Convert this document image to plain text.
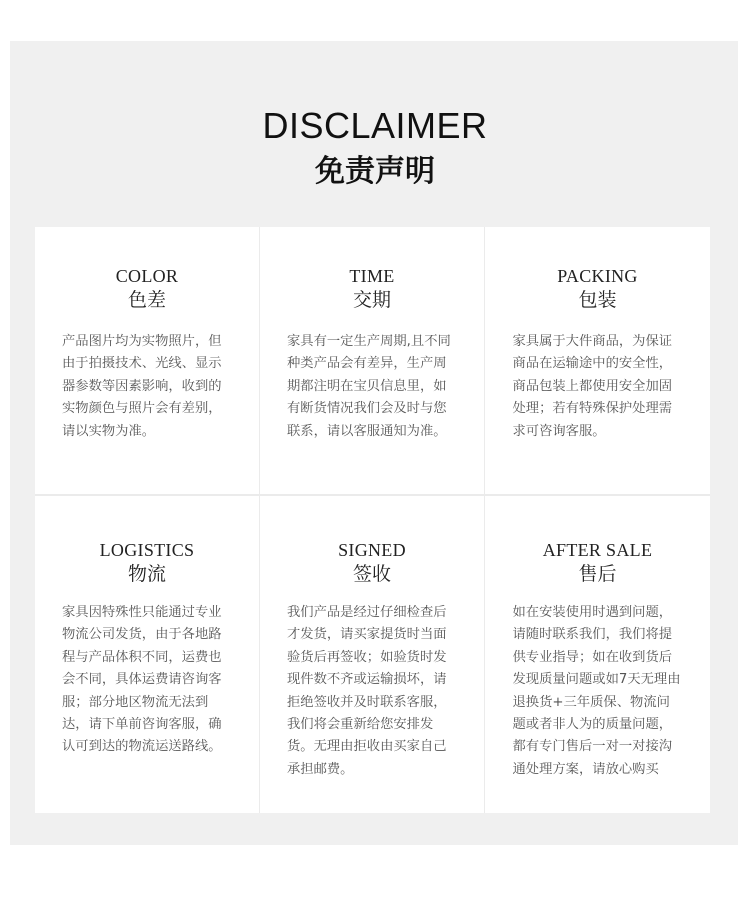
DISCLAIMER
免责声明
COLOR
色差
产品图片均为实物照片，但由于拍摄技术、光线、显示器参数等因素影响，收到的实物颜色与照片会有差别，请以实物为准。
TIME
交期
家具有一定生产周期,且不同种类产品会有差异，生产周期都注明在宝贝信息里，如有断货情况我们会及时与您联系，请以客服通知为准。
PACKING
包装
家具属于大件商品，为保证商品在运输途中的安全性，商品包装上都使用安全加固处理；若有特殊保护处理需求可咨询客服。
LOGISTICS
物流
家具因特殊性只能通过专业物流公司发货，由于各地路程与产品体积不同，运费也会不同，具体运费请咨询客服；部分地区物流无法到达，请下单前咨询客服，确认可到达的物流运送路线。
SIGNED
签收
我们产品是经过仔细检查后才发货，请买家提货时当面验货后再签收；如验货时发现件数不齐或运输损坏，请拒绝签收并及时联系客服，我们将会重新给您安排发货。无理由拒收由买家自己承担邮费。
AFTER SALE
售后
如在安装使用时遇到问题，请随时联系我们，我们将提供专业指导；如在收到货后发现质量问题或如7天无理由退换货+三年质保、物流问题或者非人为的质量问题，都有专门售后一对一对接沟通处理方案，请放心购买
